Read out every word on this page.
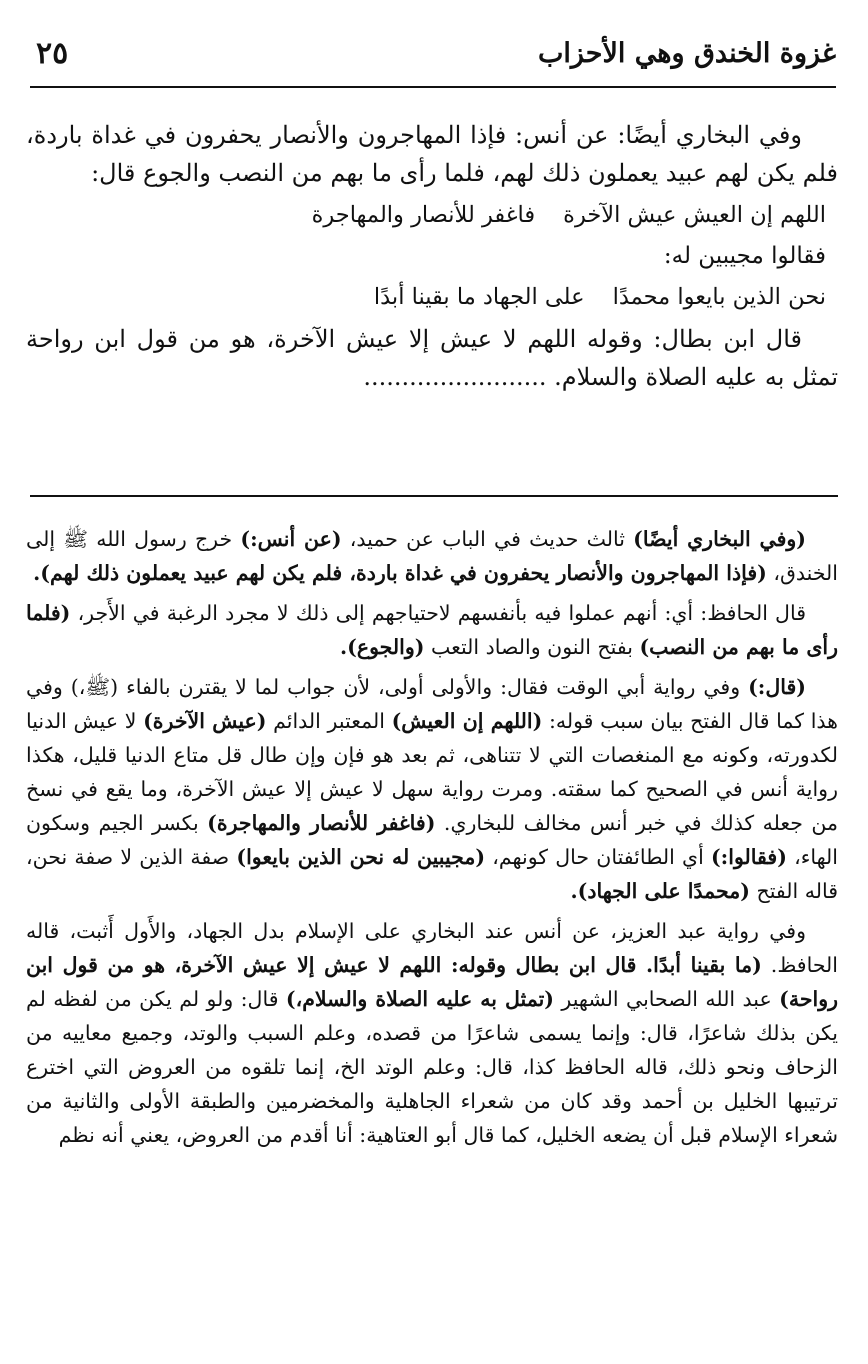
غزوة الخندق وهي الأحزاب
٢٥

وفي البخاري أيضًا: عن أنس: فإذا المهاجرون والأنصار يحفرون في غداة باردة، فلم يكن لهم عبيد يعملون ذلك لهم، فلما رأى ما بهم من النصب والجوع قال:

اللهم إن العيش عيش الآخرةفاغفر للأنصار والمهاجرة
فقالوا مجيبين له:
نحن الذين بايعوا محمدًاعلى الجهاد ما بقينا أبدًا

قال ابن بطال: وقوله اللهم لا عيش إلا عيش الآخرة، هو من قول ابن رواحة تمثل به عليه الصلاة والسلام. ........................

(وفي البخاري أيضًا) ثالث حديث في الباب عن حميد، (عن أنس:) خرج رسول الله ﷺ إلى الخندق، (فإذا المهاجرون والأنصار يحفرون في غداة باردة، فلم يكن لهم عبيد يعملون ذلك لهم).

قال الحافظ: أي: أنهم عملوا فيه بأنفسهم لاحتياجهم إلى ذلك لا مجرد الرغبة في الأَجر، (فلما رأى ما بهم من النصب) بفتح النون والصاد التعب (والجوع).

(قال:) وفي رواية أبي الوقت فقال: والأولى أولى، لأن جواب لما لا يقترن بالفاء (ﷺ،) وفي هذا كما قال الفتح بيان سبب قوله: (اللهم إن العيش) المعتبر الدائم (عيش الآخرة) لا عيش الدنيا لكدورته، وكونه مع المنغصات التي لا تتناهى، ثم بعد هو فإن وإن طال قل متاع الدنيا قليل، هكذا رواية أنس في الصحيح كما سقته. ومرت رواية سهل لا عيش إلا عيش الآخرة، وما يقع في نسخ من جعله كذلك في خبر أنس مخالف للبخاري. (فاغفر للأنصار والمهاجرة) بكسر الجيم وسكون الهاء، (فقالوا:) أي الطائفتان حال كونهم، (مجيبين له نحن الذين بايعوا) صفة الذين لا صفة نحن، قاله الفتح (محمدًا على الجهاد).

وفي رواية عبد العزيز، عن أنس عند البخاري على الإسلام بدل الجهاد، والأَول أَثبت، قاله الحافظ. (ما بقينا أبدًا. قال ابن بطال وقوله: اللهم لا عيش إلا عيش الآخرة، هو من قول ابن رواحة) عبد الله الصحابي الشهير (تمثل به عليه الصلاة والسلام،) قال: ولو لم يكن من لفظه لم يكن بذلك شاعرًا، قال: وإنما يسمى شاعرًا من قصده، وعلم السبب والوتد، وجميع معاييه من الزحاف ونحو ذلك، قاله الحافظ كذا، قال: وعلم الوتد الخ، إنما تلقوه من العروض التي اخترع ترتيبها الخليل بن أحمد وقد كان من شعراء الجاهلية والمخضرمين والطبقة الأولى والثانية من شعراء الإسلام قبل أن يضعه الخليل، كما قال أبو العتاهية: أنا أقدم من العروض، يعني أنه نظم
